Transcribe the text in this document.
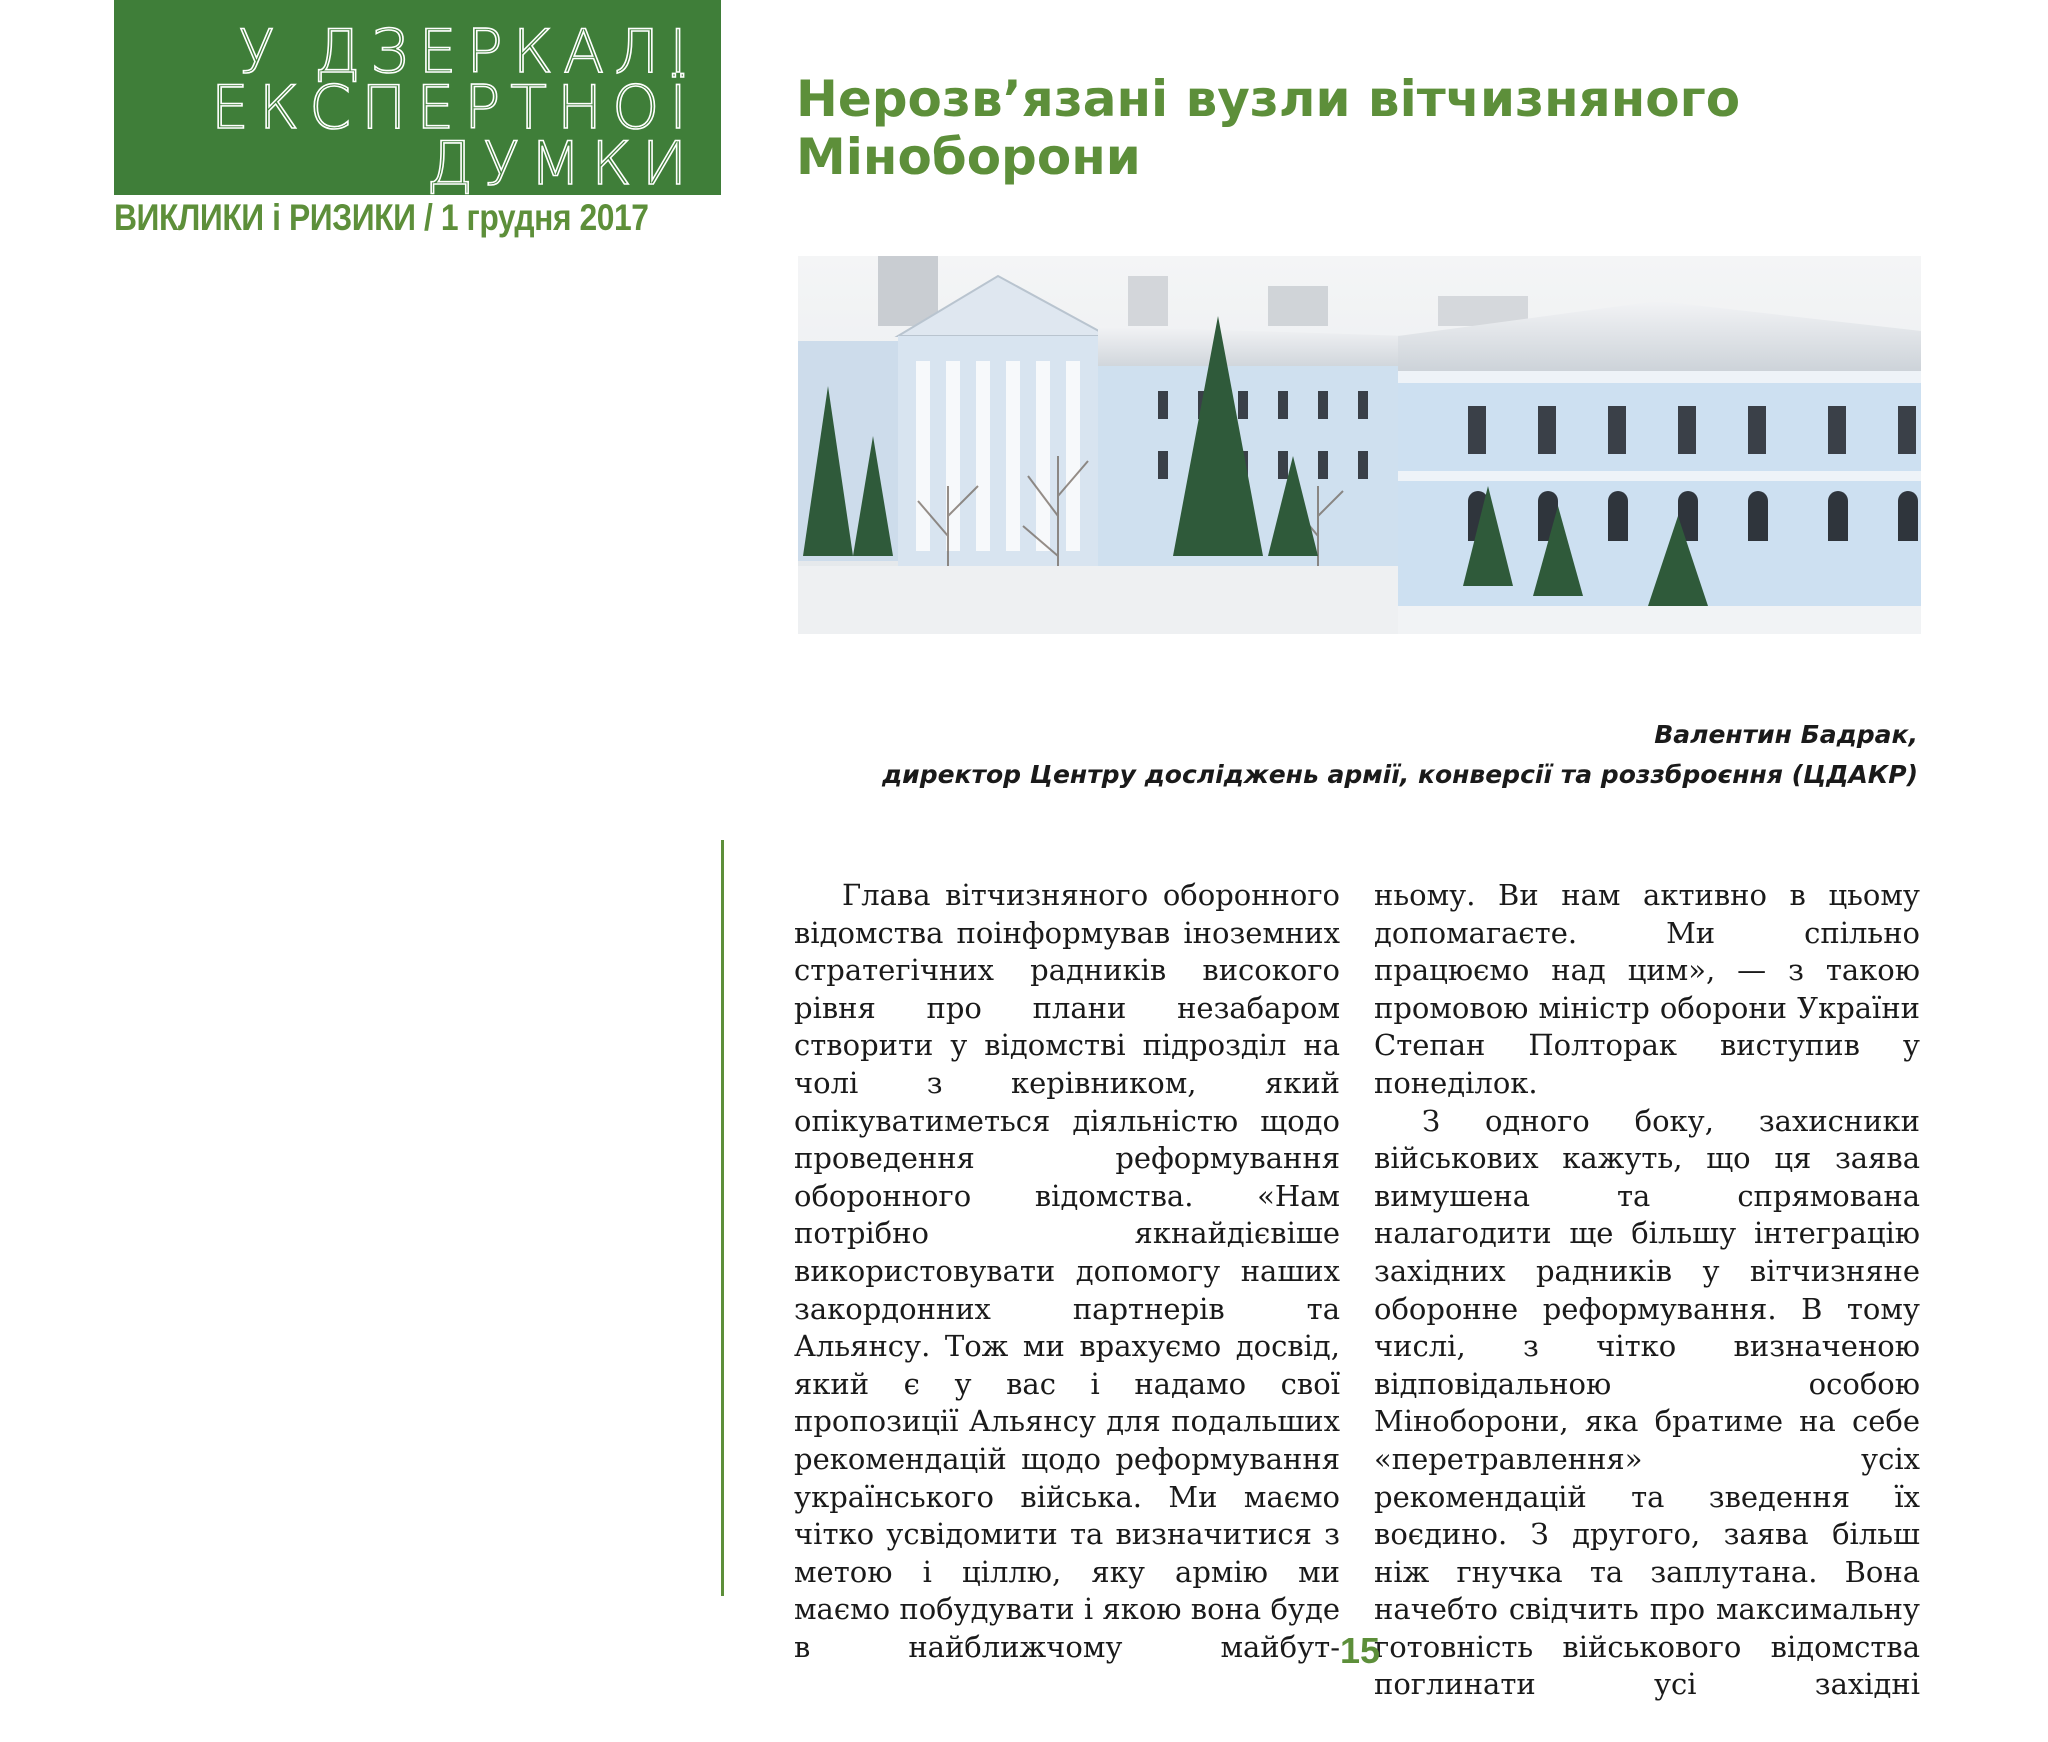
У ДЗЕРКАЛІ
ЕКСПЕРТНОЇ
ДУМКИ
ВИКЛИКИ і РИЗИКИ / 1 грудня 2017
Нерозв’язані вузли вітчизняного Міноборони
Валентин Бадрак,
директор Центру досліджень армії, конверсії та роззброєння (ЦДАКР)

Глава вітчизняного оборонного відомства поінформував іноземних стратегічних радників високого рівня про плани незабаром створити у відомстві підрозділ на чолі з керівником, який опікуватиметься діяльністю щодо проведення реформування оборонного відомства. «Нам потрібно якнайдієвіше використовувати допомогу наших закордонних партнерів та Альянсу. Тож ми врахуємо досвід, який є у вас і надамо свої пропозиції Альянсу для подальших рекомендацій щодо реформування українського війська. Ми маємо чітко усвідомити та визначитися з метою і ціллю, яку армію ми маємо побудувати і якою вона буде в найближчому майбут-

ньому. Ви нам активно в цьому допомагаєте. Ми спільно працюємо над цим», — з такою промовою міністр оборони України Степан Полторак виступив у понеділок.

З одного боку, захисники військових кажуть, що ця заява вимушена та спрямована налагодити ще більшу інтеграцію західних радників у вітчизняне оборонне реформування. В тому числі, з чітко визначеною відповідальною особою Міноборони, яка братиме на себе «перетравлення» усіх рекомендацій та зведення їх воєдино. З другого, заява більш ніж гнучка та заплутана. Вона начебто свідчить про максимальну готовність військового відомства поглинати усі західні

15
